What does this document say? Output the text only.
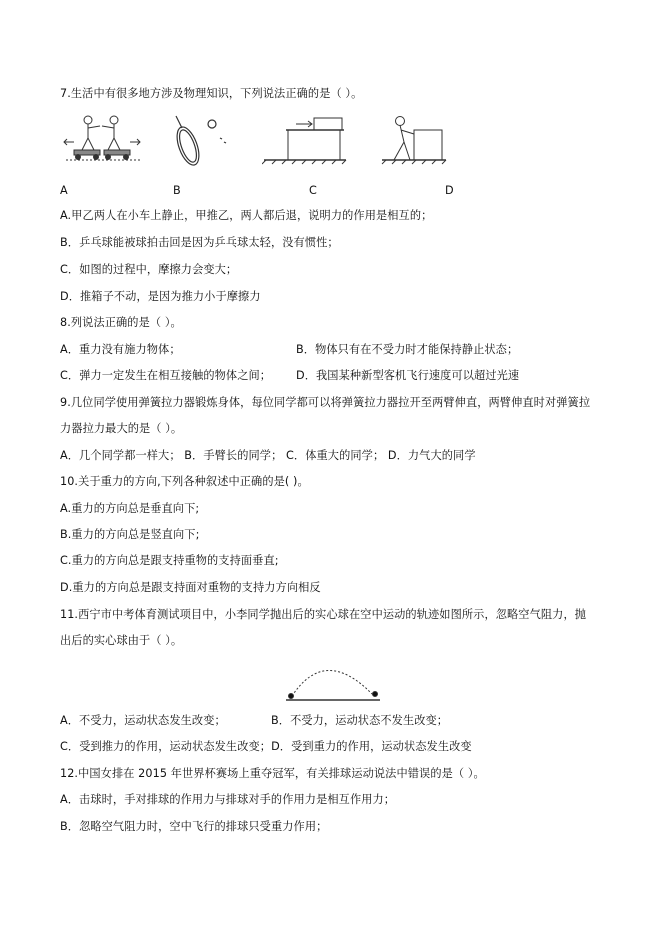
7.生活中有很多地方涉及物理知识，下列说法正确的是（ ）。
A	B	C	D
A.甲乙两人在小车上静止，甲推乙，两人都后退，说明力的作用是相互的；
B．乒乓球能被球拍击回是因为乒乓球太轻，没有惯性；
C．如图的过程中，摩擦力会变大；
D．推箱子不动，是因为推力小于摩擦力
8.列说法正确的是（ ）。
A．重力没有施力物体；	B．物体只有在不受力时才能保持静止状态；
C．弹力一定发生在相互接触的物体之间； D．我国某种新型客机飞行速度可以超过光速
9.几位同学使用弹簧拉力器锻炼身体，每位同学都可以将弹簧拉力器拉开至两臂伸直，两臂伸直时对弹簧拉
力器拉力最大的是（ ）。
A．几个同学都一样大； B．手臂长的同学； C．体重大的同学； D．力气大的同学
10.关于重力的方向,下列各种叙述中正确的是( )。
A.重力的方向总是垂直向下;
B.重力的方向总是竖直向下;
C.重力的方向总是跟支持重物的支持面垂直;
D.重力的方向总是跟支持面对重物的支持力方向相反
11.西宁市中考体育测试项目中，小李同学抛出后的实心球在空中运动的轨迹如图所示，忽略空气阻力，抛
出后的实心球由于（ ）。
A．不受力，运动状态发生改变；	B．不受力，运动状态不发生改变；
C．受到推力的作用，运动状态发生改变；D．受到重力的作用，运动状态发生改变
12.中国女排在 2015 年世界杯赛场上重夺冠军，有关排球运动说法中错误的是（ ）。
A．击球时，手对排球的作用力与排球对手的作用力是相互作用力；
B．忽略空气阻力时，空中飞行的排球只受重力作用；
